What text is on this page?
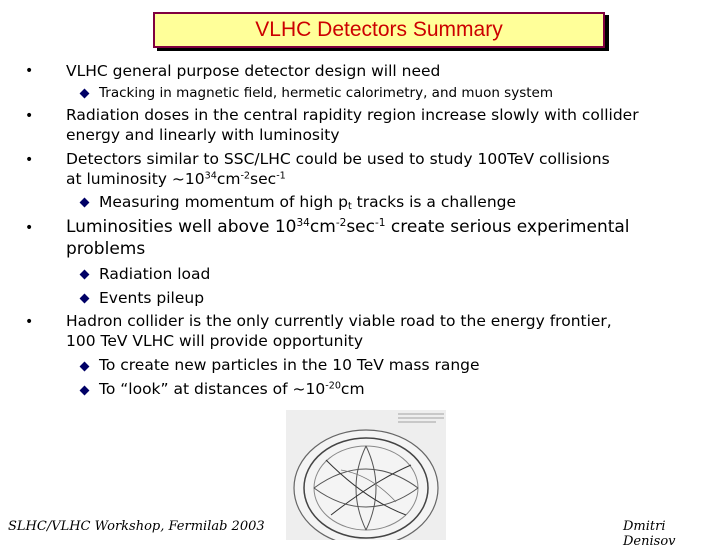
VLHC Detectors Summary
• VLHC general purpose detector design will need
Tracking in magnetic field, hermetic calorimetry, and muon system
• Radiation doses in the central rapidity region increase slowly with collider
energy and linearly with luminosity
• Detectors similar to SSC/LHC could be used to study 100TeV collisions
at luminosity $\sim 10^{34}cm^{-2}\sec^{-1}$
Measuring momentum of high $p_t$ tracks is a challenge
• Luminosities well above $10^{34}cm^{-2}\sec^{-1}$ create serious experimental
problems
Radiation load
Events pileup
• Hadron collider is the only currently viable road to the energy frontier,
100 TeV VLHC will provide opportunity
To create new particles in the 10 TeV mass range
To “look” at distances of $\sim 10^{-20}cm$
SLHC/VLHC Workshop, Fermilab 2003	Dmitri Denisov
